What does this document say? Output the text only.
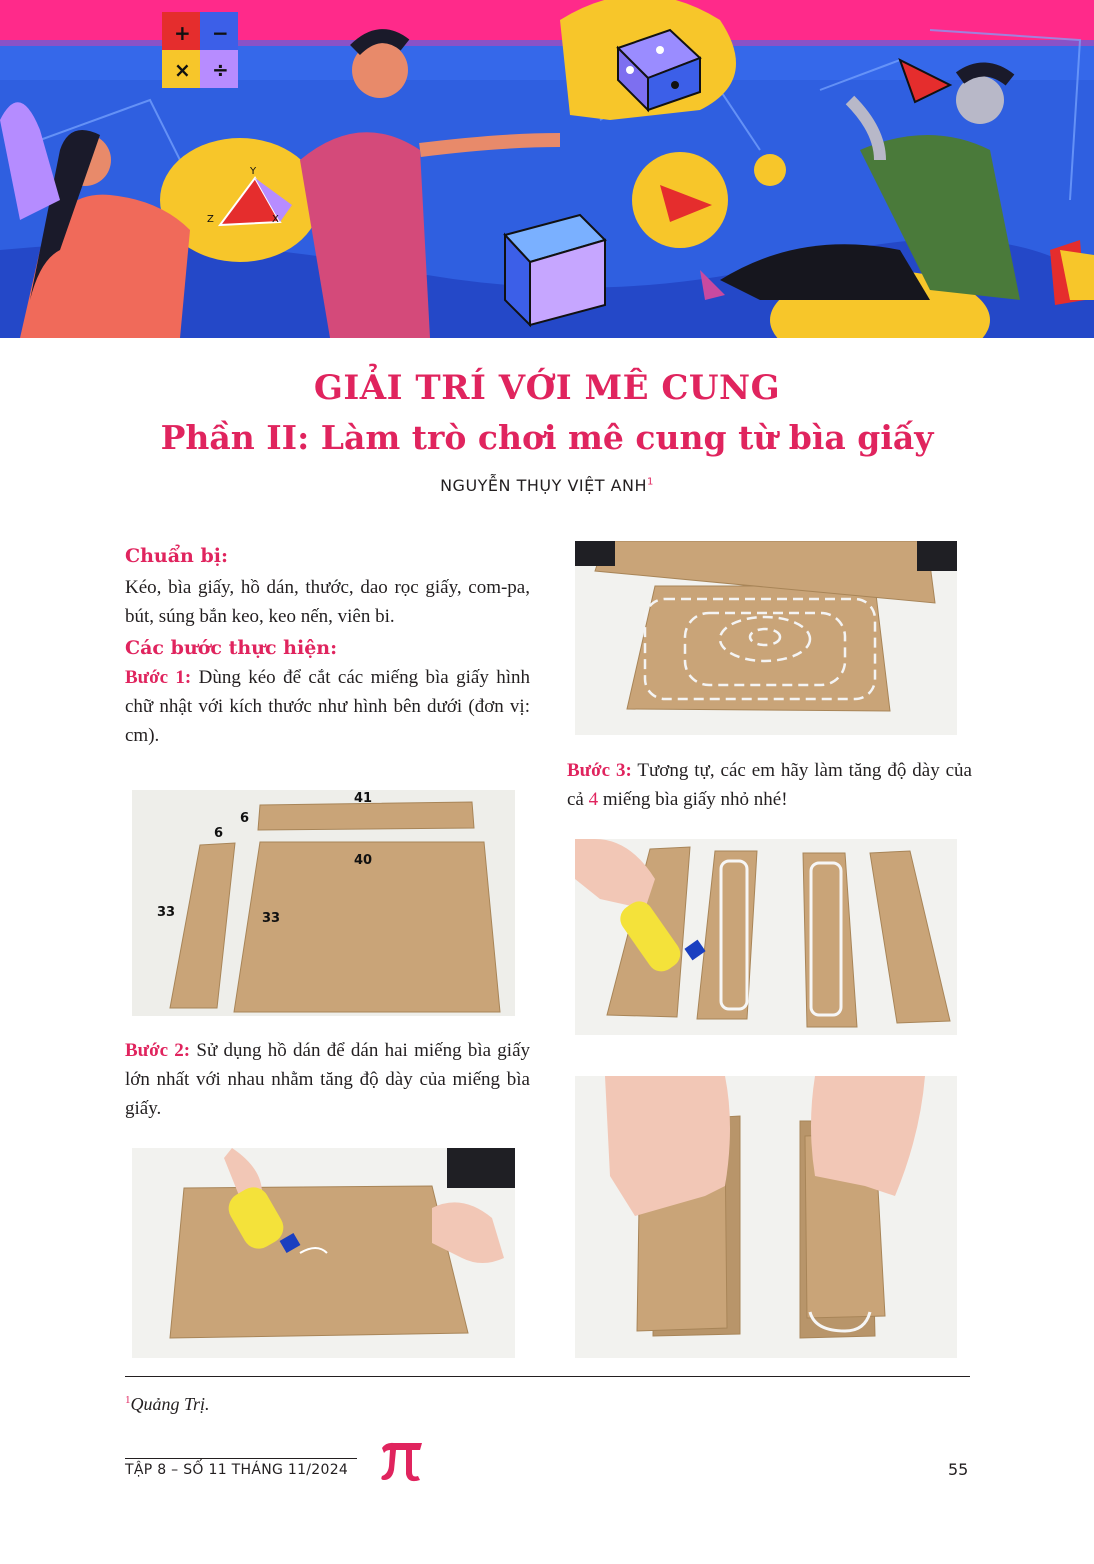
+ −
× ÷
Y
Z	X
GIẢI TRÍ VỚI MÊ CUNG
Phần II: Làm trò chơi mê cung từ bìa giấy
NGUYỄN THỤY VIỆT ANH$^1$
Chuẩn bị:
Kéo, bìa giấy, hồ dán, thước, dao rọc giấy, com-pa, bút, súng bắn keo, keo nến, viên bi.
Các bước thực hiện:
Bước 1: Dùng kéo để cắt các miếng bìa giấy hình chữ nhật với kích thước như hình bên dưới (đơn vị: cm).
41
6
6
33
40
33
Bước 2: Sử dụng hồ dán để dán hai miếng bìa giấy lớn nhất với nhau nhằm tăng độ dày của miếng bìa giấy.
Bước 3: Tương tự, các em hãy làm tăng độ dày của cả 4 miếng bìa giấy nhỏ nhé!
$^1$Quảng Trị.
TẬP 8 – SỐ 11 THÁNG 11/2024	55
